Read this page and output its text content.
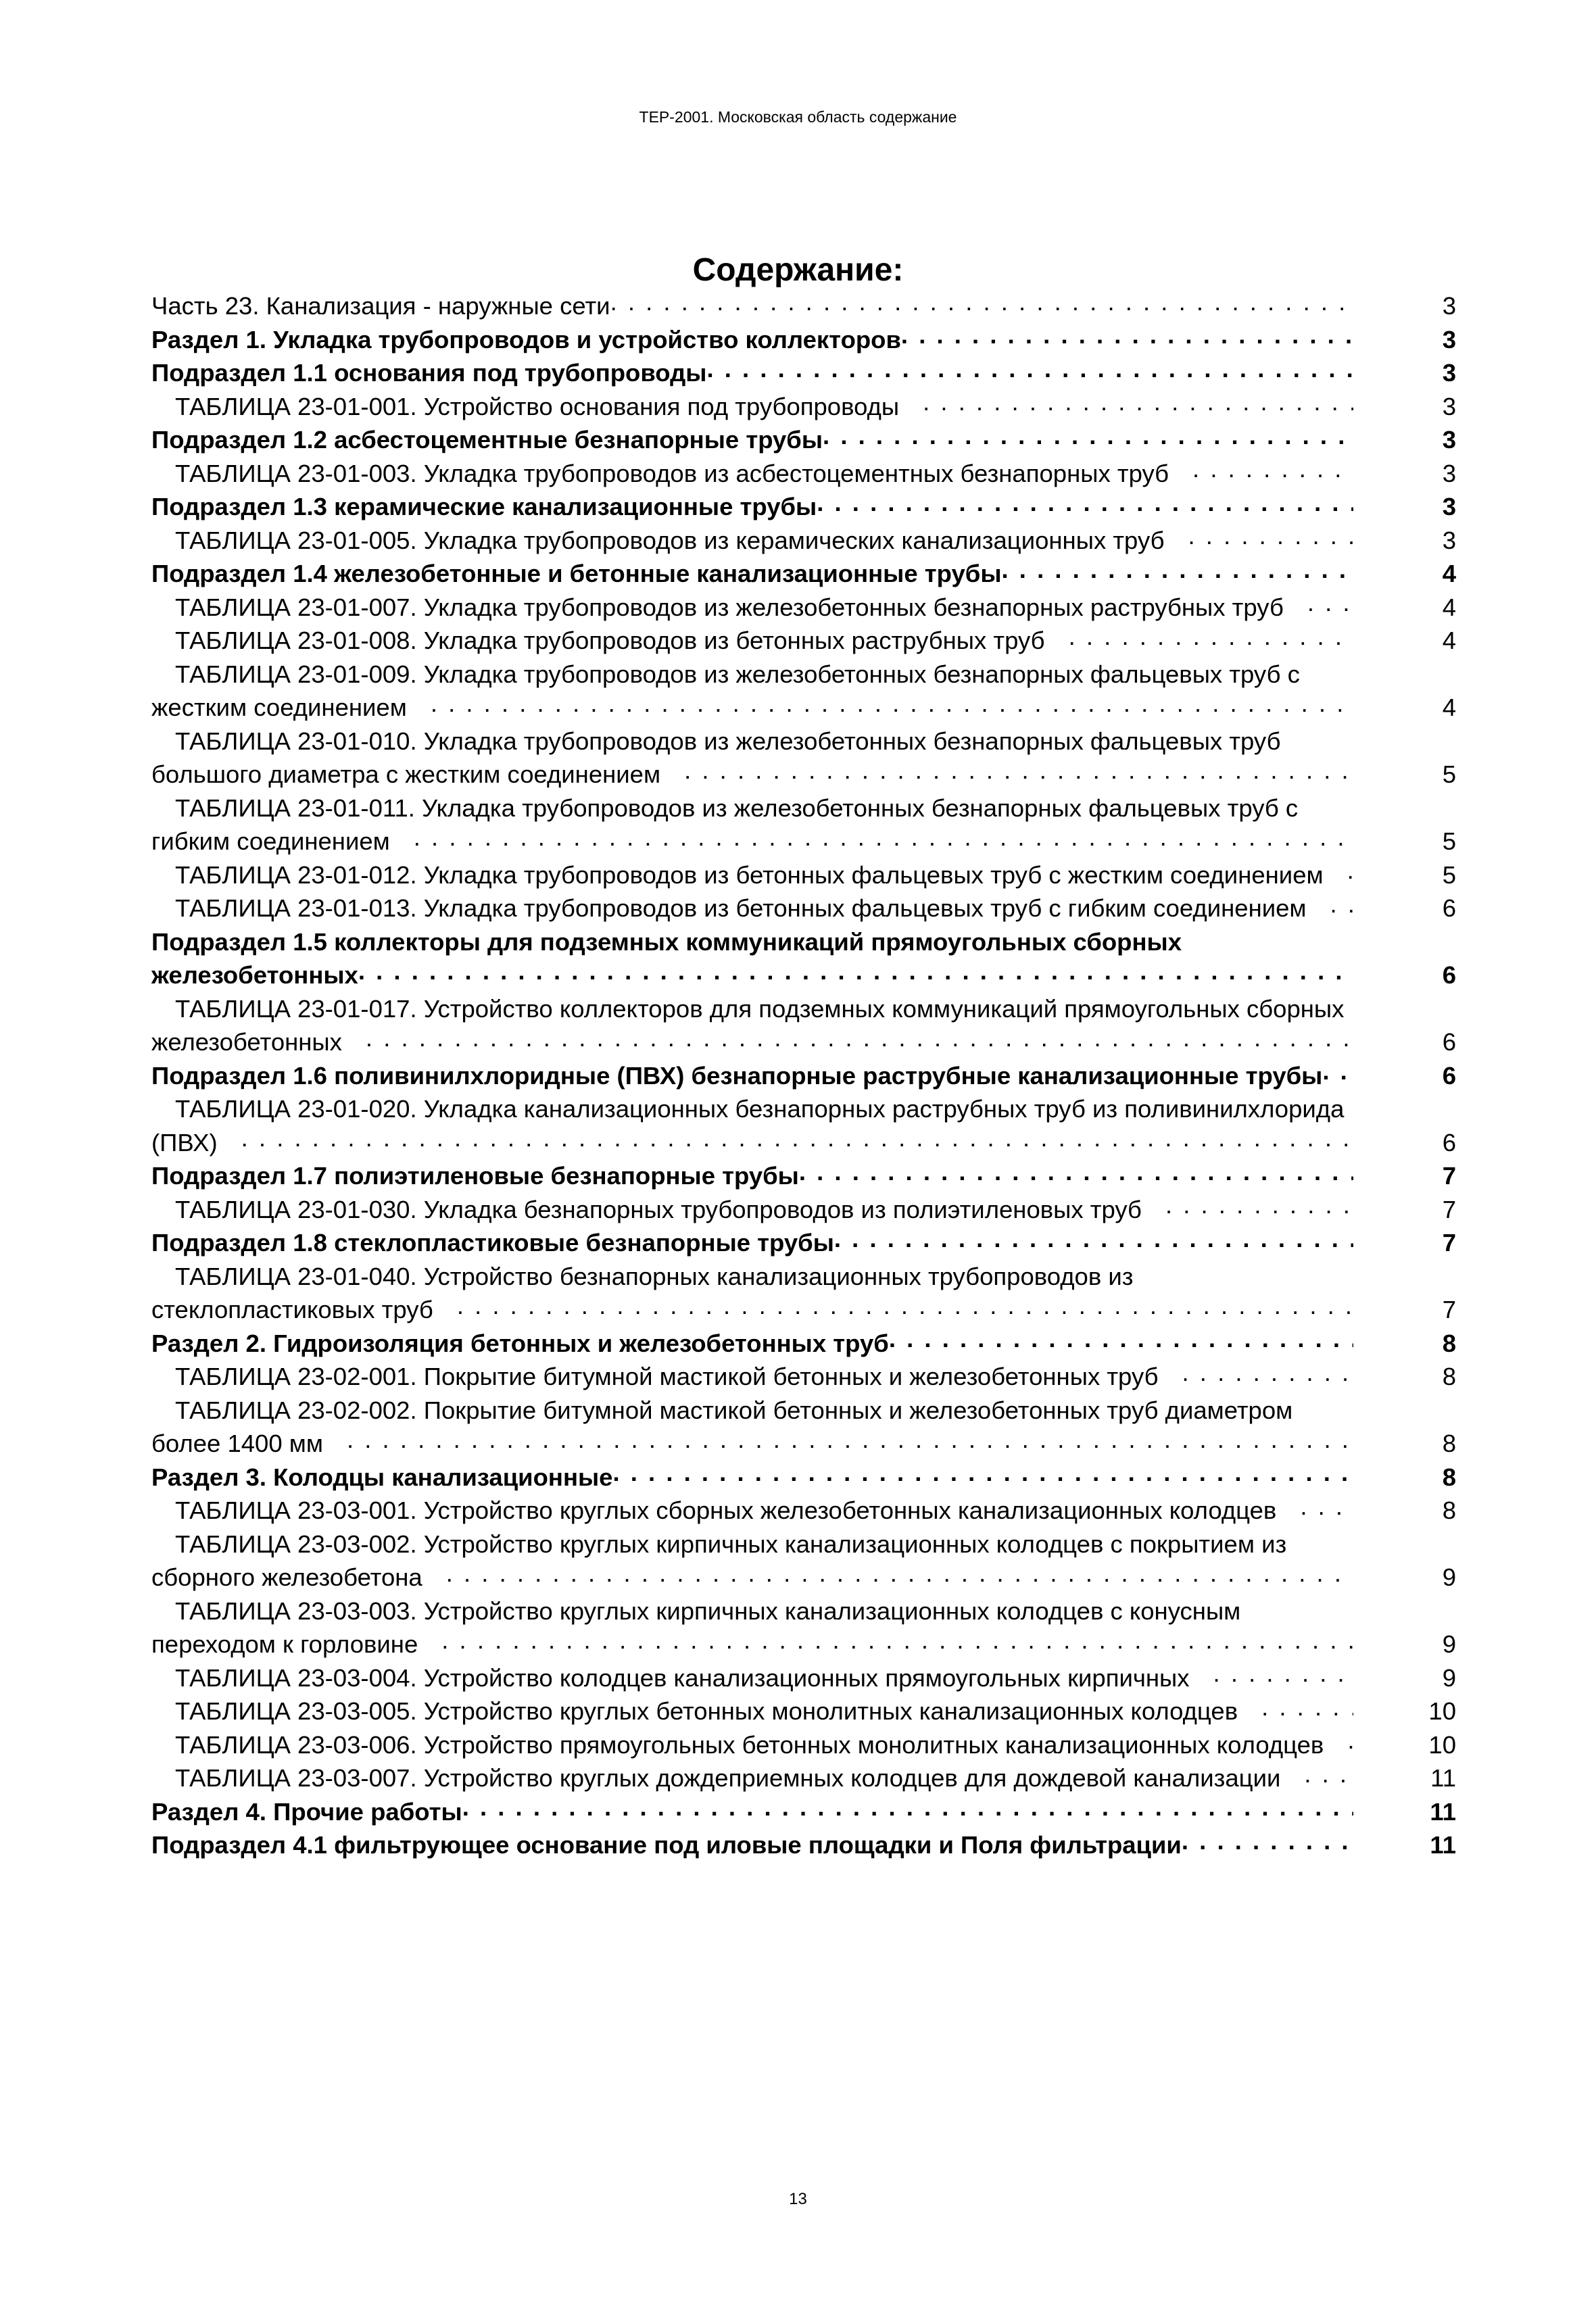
ТЕР-2001. Московская область содержание
Содержание:
Часть 23. Канализация - наружные сети . . .	3
Раздел 1. Укладка трубопроводов и устройство коллекторов . . .	3
Подраздел 1.1 основания под трубопроводы . . .	3
ТАБЛИЦА 23-01-001. Устройство основания под трубопроводы . . .	3
Подраздел 1.2 асбестоцементные безнапорные трубы . . .	3
ТАБЛИЦА 23-01-003. Укладка трубопроводов из асбестоцементных безнапорных труб . . .	3
Подраздел 1.3 керамические канализационные трубы . . .	3
ТАБЛИЦА 23-01-005. Укладка трубопроводов из керамических канализационных труб . . .	3
Подраздел 1.4 железобетонные и бетонные канализационные трубы . . .	4
ТАБЛИЦА 23-01-007. Укладка трубопроводов из железобетонных безнапорных раструбных труб . . .	4
ТАБЛИЦА 23-01-008. Укладка трубопроводов из бетонных раструбных труб . . .	4
ТАБЛИЦА 23-01-009. Укладка трубопроводов из железобетонных безнапорных фальцевых труб с жестким соединением . . .	4
ТАБЛИЦА 23-01-010. Укладка трубопроводов из железобетонных безнапорных фальцевых труб большого диаметра с жестким соединением . . .	5
ТАБЛИЦА 23-01-011. Укладка трубопроводов из железобетонных безнапорных фальцевых труб с гибким соединением . . .	5
ТАБЛИЦА 23-01-012. Укладка трубопроводов из бетонных фальцевых труб с жестким соединением . . .	5
ТАБЛИЦА 23-01-013. Укладка трубопроводов из бетонных фальцевых труб с гибким соединением . . .	6
Подраздел 1.5 коллекторы для подземных коммуникаций прямоугольных сборных железобетонных . . .	6
ТАБЛИЦА 23-01-017. Устройство коллекторов для подземных коммуникаций прямоугольных сборных железобетонных . . .	6
Подраздел 1.6 поливинилхлоридные (ПВХ) безнапорные раструбные канализационные трубы . . .	6
ТАБЛИЦА 23-01-020. Укладка канализационных безнапорных раструбных труб из поливинилхлорида (ПВХ) . . .	6
Подраздел 1.7 полиэтиленовые безнапорные трубы . . .	7
ТАБЛИЦА 23-01-030. Укладка безнапорных трубопроводов из полиэтиленовых труб . . .	7
Подраздел 1.8 стеклопластиковые безнапорные трубы . . .	7
ТАБЛИЦА 23-01-040. Устройство безнапорных канализационных трубопроводов из стеклопластиковых труб . . .	7
Раздел 2. Гидроизоляция бетонных и железобетонных труб . . .	8
ТАБЛИЦА 23-02-001. Покрытие битумной мастикой бетонных и железобетонных труб . . .	8
ТАБЛИЦА 23-02-002. Покрытие битумной мастикой бетонных и железобетонных труб диаметром более 1400 мм . . .	8
Раздел 3. Колодцы канализационные . . .	8
ТАБЛИЦА 23-03-001. Устройство круглых сборных железобетонных канализационных колодцев . . .	8
ТАБЛИЦА 23-03-002. Устройство круглых кирпичных канализационных колодцев с покрытием из сборного железобетона . . .	9
ТАБЛИЦА 23-03-003. Устройство круглых кирпичных канализационных колодцев с конусным переходом к горловине . . .	9
ТАБЛИЦА 23-03-004. Устройство колодцев канализационных прямоугольных кирпичных . . .	9
ТАБЛИЦА 23-03-005. Устройство круглых бетонных монолитных канализационных колодцев . . .	10
ТАБЛИЦА 23-03-006. Устройство прямоугольных бетонных монолитных канализационных колодцев . . .	10
ТАБЛИЦА 23-03-007. Устройство круглых дождеприемных колодцев для дождевой канализации . . .	11
Раздел 4. Прочие работы . . .	11
Подраздел 4.1 фильтрующее основание под иловые площадки и Поля фильтрации . . .	11
13
